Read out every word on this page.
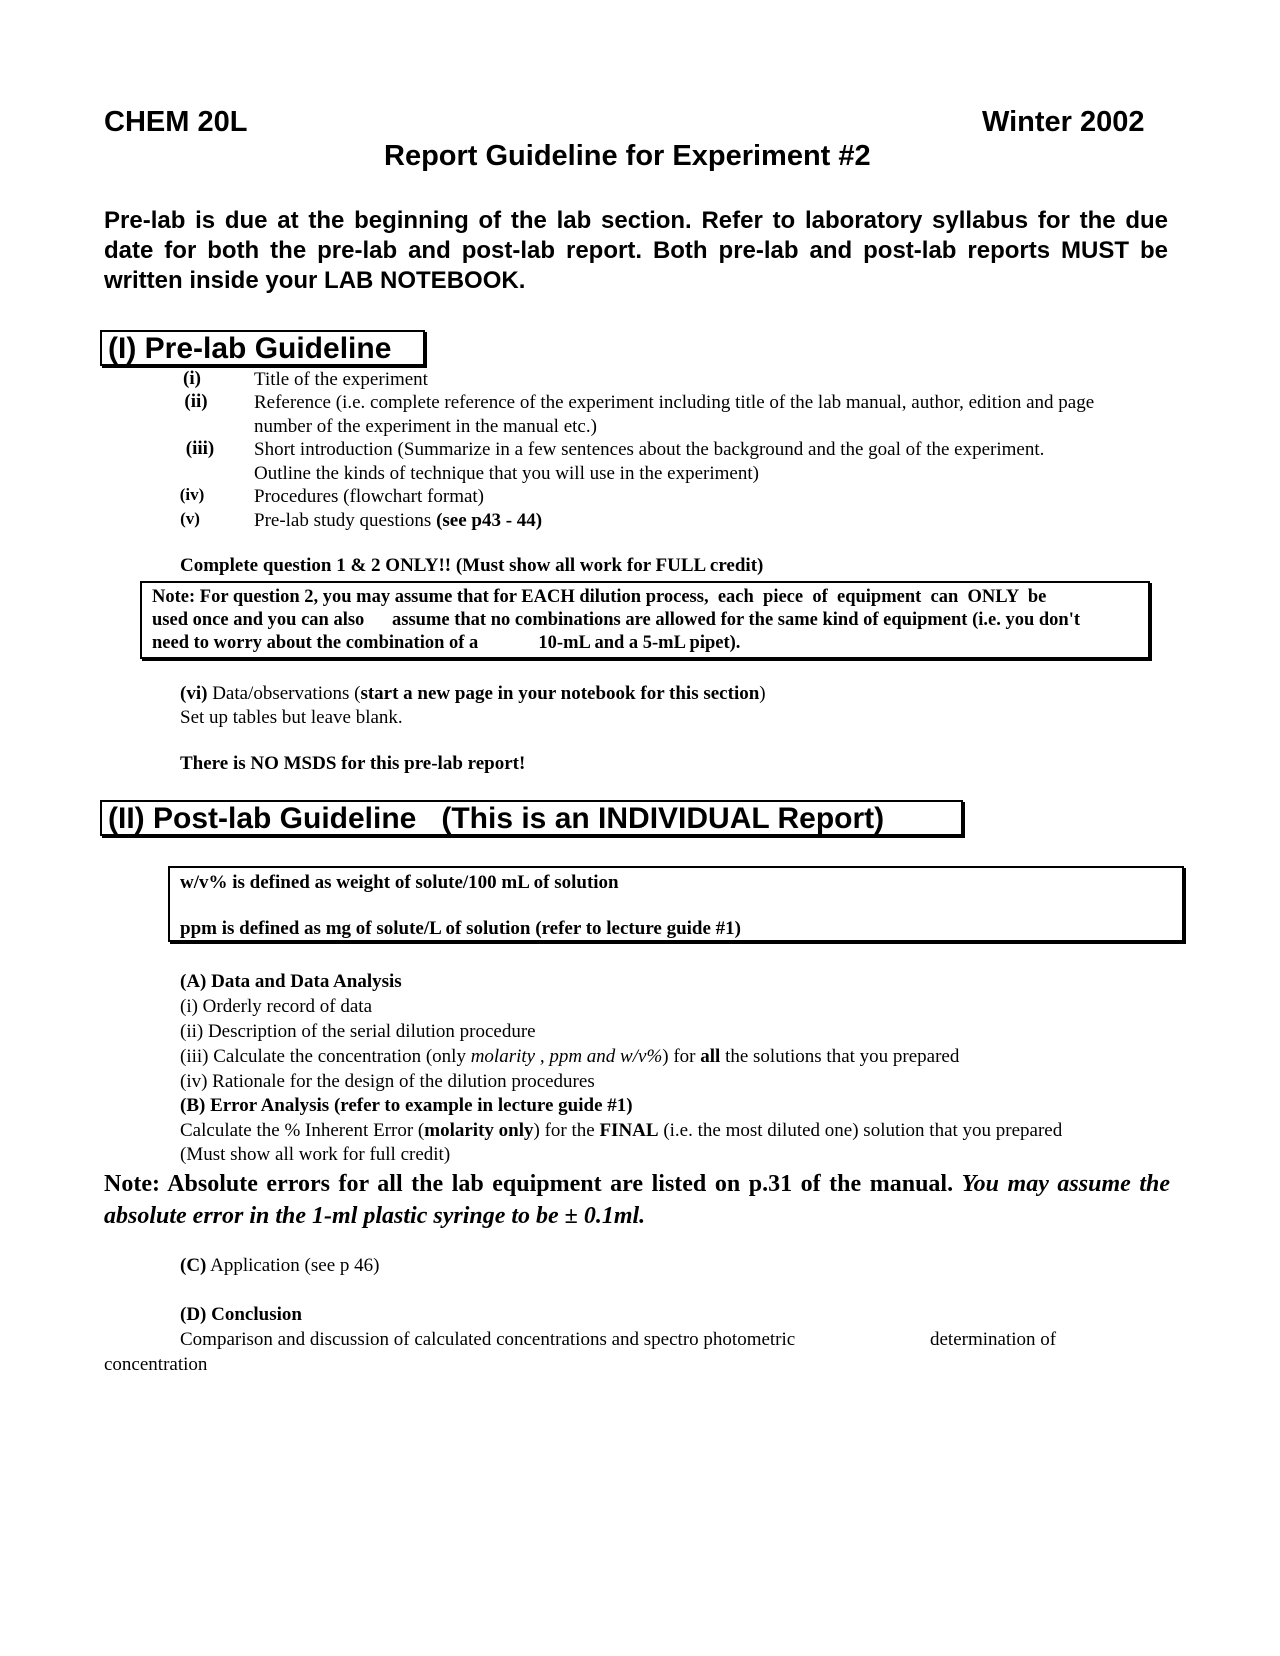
CHEM 20L	Winter 2002
Report Guideline for Experiment #2
Pre-lab is due at the beginning of the lab section. Refer to laboratory syllabus for the due date for both the pre-lab and post-lab report. Both pre-lab and post-lab reports MUST be written inside your LAB NOTEBOOK.
(I) Pre-lab Guideline
(i)	Title of the experiment
(ii)	Reference (i.e. complete reference of the experiment including title of the lab manual, author, edition and page
number of the experiment in the manual etc.)
(iii)	Short introduction (Summarize in a few sentences about the background and the goal of the experiment.
Outline the kinds of technique that you will use in the experiment)
(iv)	Procedures (flowchart format)
(v)	Pre-lab study questions (see p43 - 44)
Complete question 1 & 2 ONLY!! (Must show all work for FULL credit)
Note: For question 2, you may assume that for EACH dilution process,  each  piece  of  equipment  can  ONLY  be
used once and you can also      assume that no combinations are allowed for the same kind of equipment (i.e. you don't
need to worry about the combination of a             10-mL and a 5-mL pipet).
(vi) Data/observations (start a new page in your notebook for this section)
Set up tables but leave blank.
There is NO MSDS for this pre-lab report!
(II) Post-lab Guideline   (This is an INDIVIDUAL Report)
w/v% is defined as weight of solute/100 mL of solution
ppm is defined as mg of solute/L of solution (refer to lecture guide #1)
(A) Data and Data Analysis
(i) Orderly record of data
(ii) Description of the serial dilution procedure
(iii) Calculate the concentration (only molarity , ppm and w/v%) for all the solutions that you prepared
(iv) Rationale for the design of the dilution procedures
(B) Error Analysis (refer to example in lecture guide #1)
Calculate the % Inherent Error (molarity only) for the FINAL (i.e. the most diluted one) solution that you prepared
(Must show all work for full credit)
Note: Absolute errors for all the lab equipment are listed on p.31 of the manual. You may assume the absolute error in the 1-ml plastic syringe to be ± 0.1ml.
(C) Application (see p 46)
(D) Conclusion
Comparison and discussion of calculated concentrations and spectro photometric	determination of
concentration
